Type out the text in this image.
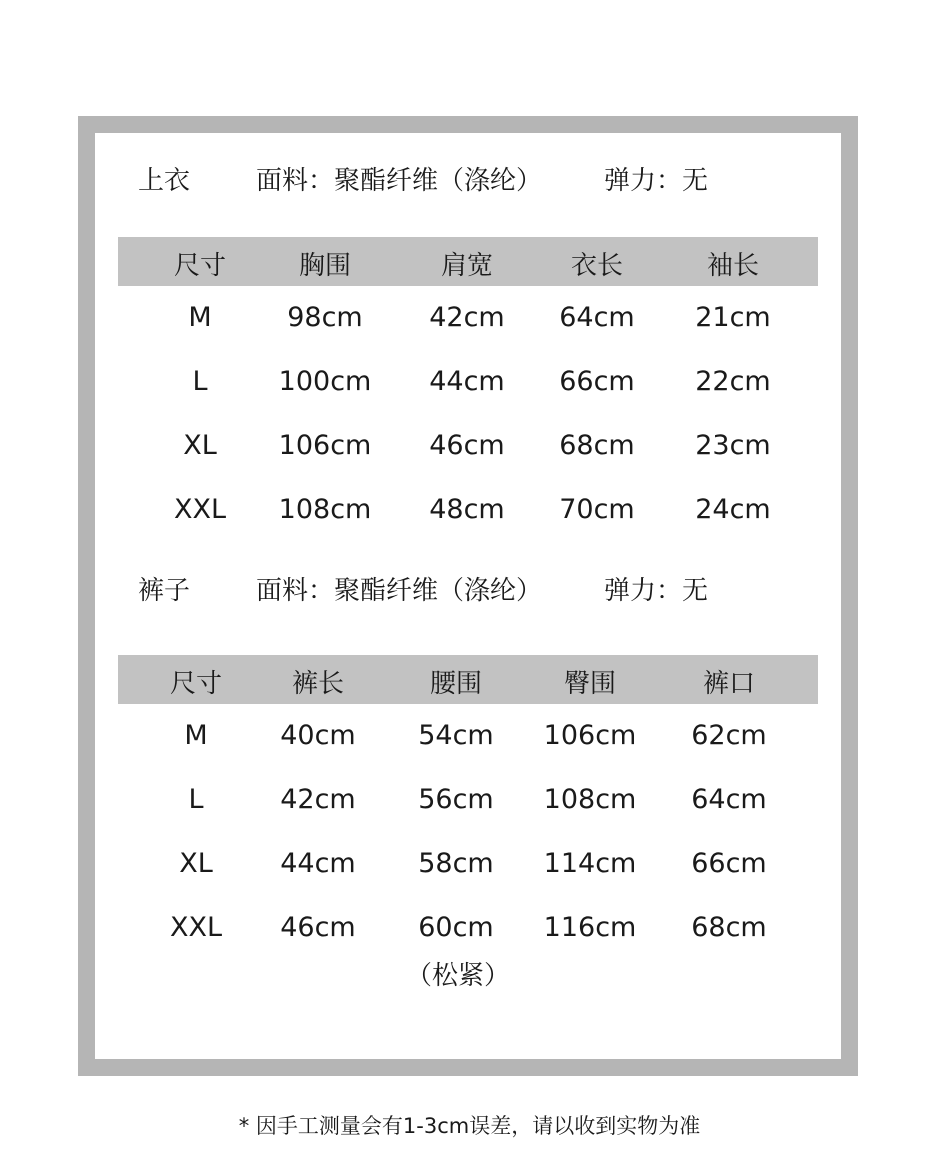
上衣	面料：聚酯纤维（涤纶） 弹力：无
尺寸	胸围	肩宽	衣长	袖长
M	98cm	42cm	64cm	21cm
L	100cm	44cm	66cm	22cm
XL	106cm	46cm	68cm	23cm
XXL	108cm	48cm	70cm	24cm
裤子	面料：聚酯纤维（涤纶） 弹力：无
尺寸	裤长	腰围	臀围	裤口
M	40cm	54cm	106cm	62cm
L	42cm	56cm	108cm	64cm
XL	44cm	58cm	114cm	66cm
XXL	46cm	60cm	116cm	68cm
（松紧）
* 因手工测量会有1-3cm误差，请以收到实物为准
